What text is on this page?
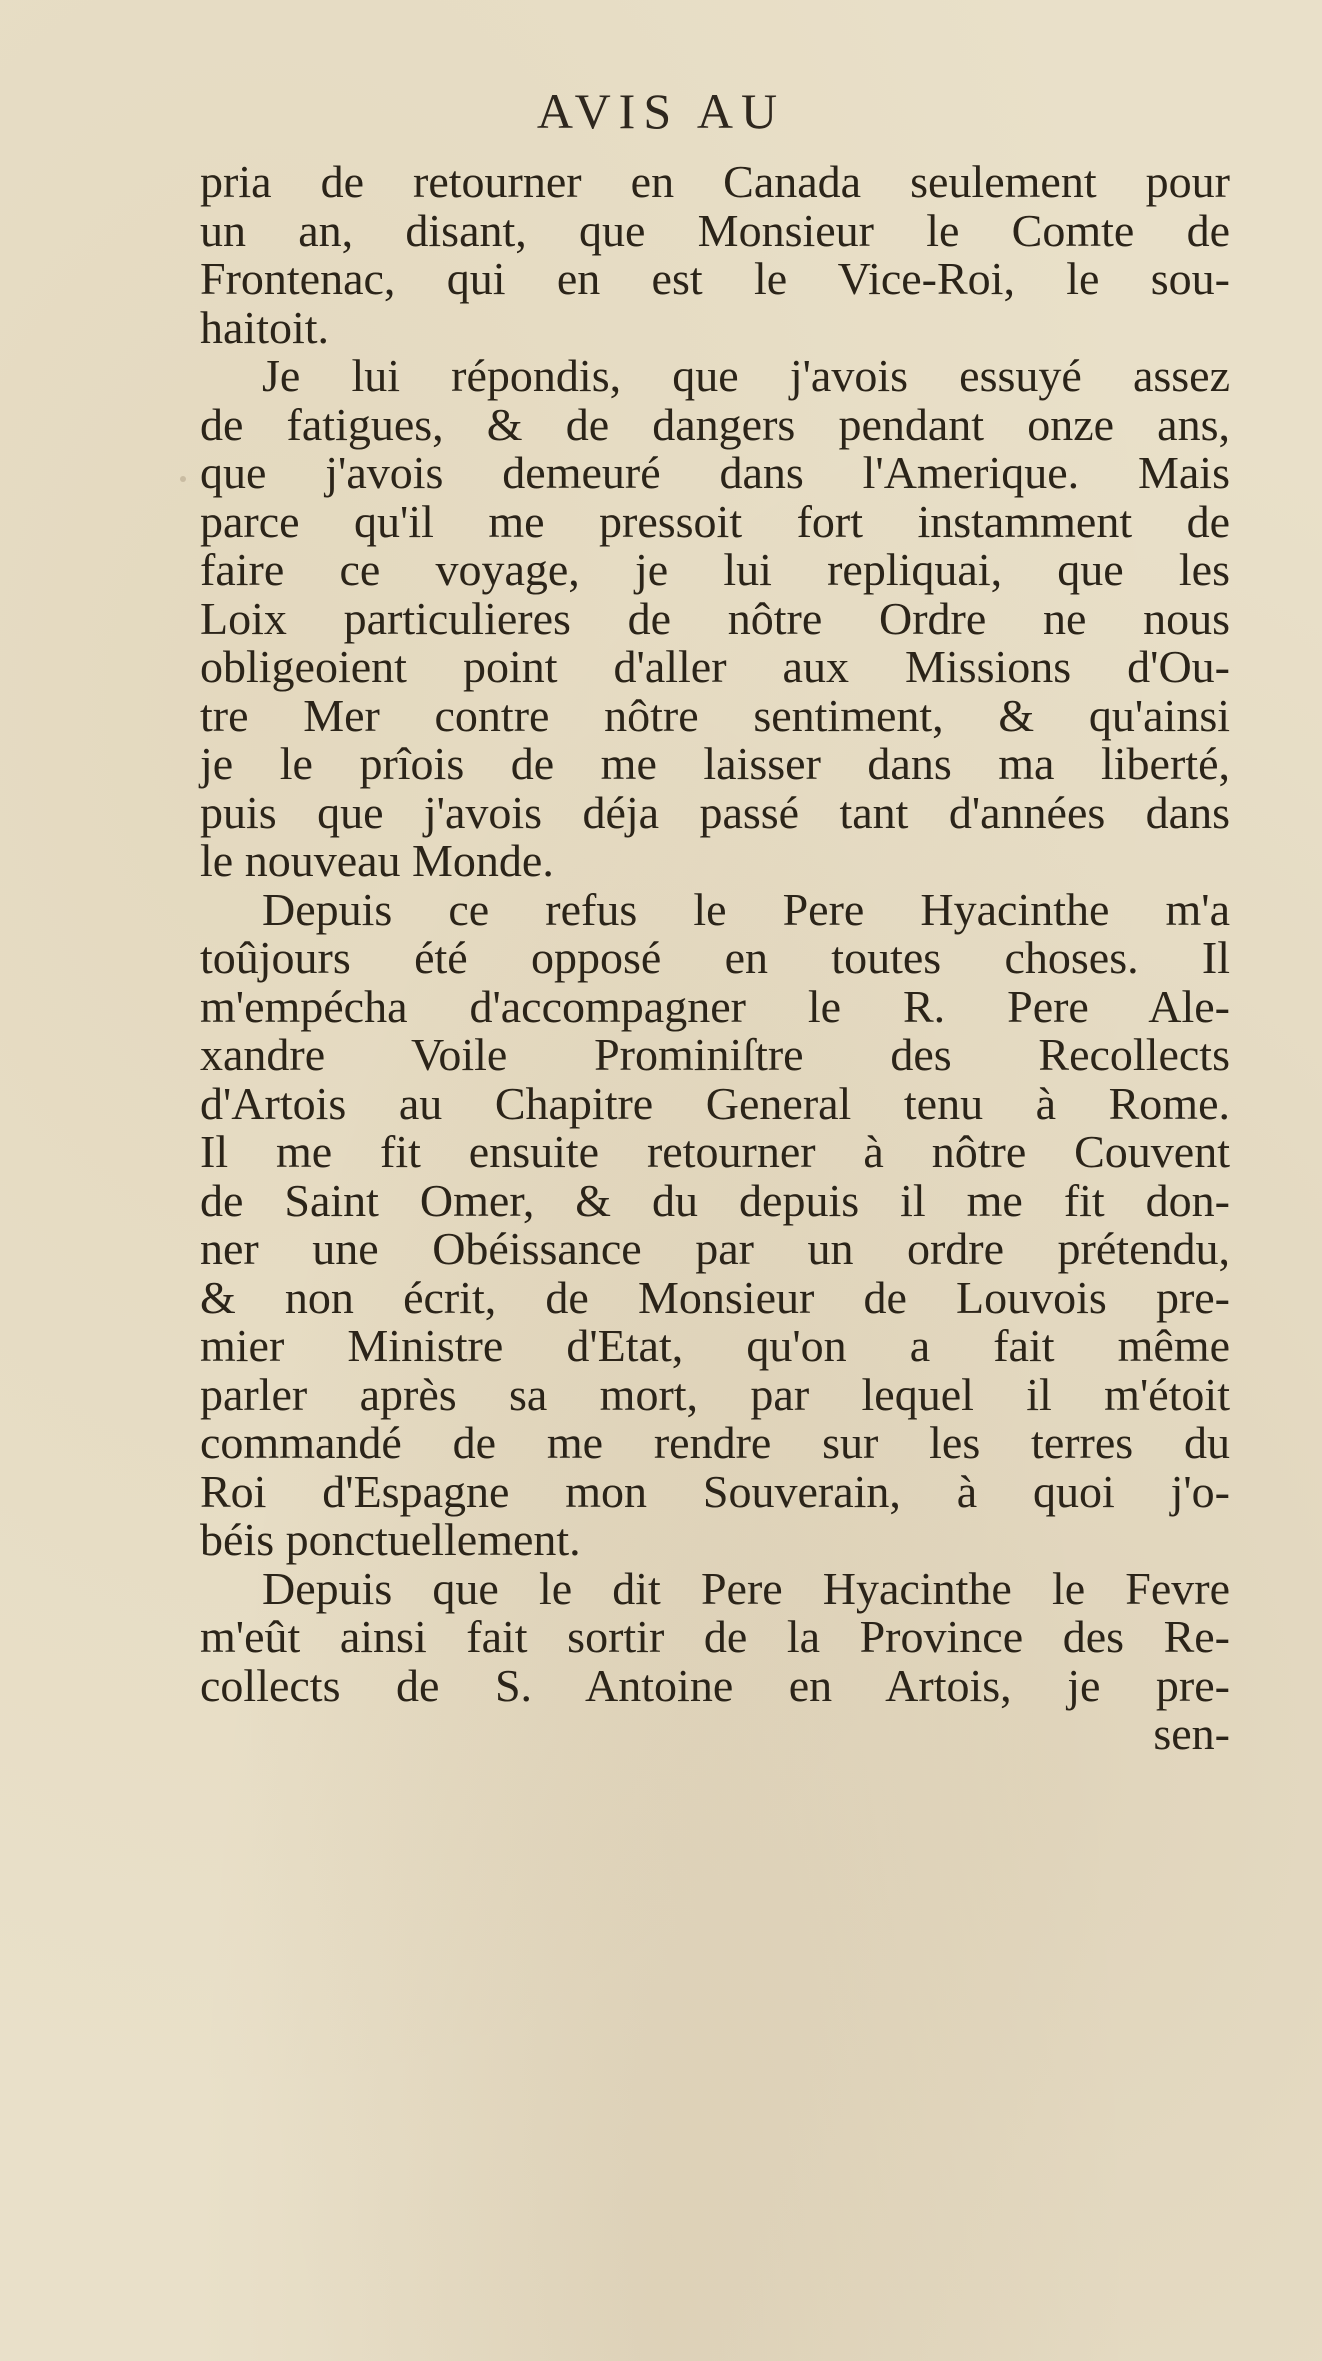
AVIS AU
pria de retourner en Canada seulement pour
un an, disant, que Monsieur le Comte de
Frontenac, qui en est le Vice-Roi, le sou-
haitoit.
Je lui répondis, que j'avois essuyé assez
de fatigues, & de dangers pendant onze ans,
que j'avois demeuré dans l'Amerique. Mais
parce qu'il me pressoit fort instamment de
faire ce voyage, je lui repliquai, que les
Loix particulieres de nôtre Ordre ne nous
obligeoient point d'aller aux Missions d'Ou-
tre Mer contre nôtre sentiment, & qu'ainsi
je le prîois de me laisser dans ma liberté,
puis que j'avois déja passé tant d'années dans
le nouveau Monde.
Depuis ce refus le Pere Hyacinthe m'a
toûjours été opposé en toutes choses. Il
m'empécha d'accompagner le R. Pere Ale-
xandre Voile Prominiſtre des Recollects
d'Artois au Chapitre General tenu à Rome.
Il me fit ensuite retourner à nôtre Couvent
de Saint Omer, & du depuis il me fit don-
ner une Obéissance par un ordre prétendu,
& non écrit, de Monsieur de Louvois pre-
mier Ministre d'Etat, qu'on a fait même
parler après sa mort, par lequel il m'étoit
commandé de me rendre sur les terres du
Roi d'Espagne mon Souverain, à quoi j'o-
béis ponctuellement.
Depuis que le dit Pere Hyacinthe le Fevre
m'eût ainsi fait sortir de la Province des Re-
collects de S. Antoine en Artois, je pre-
sen-
